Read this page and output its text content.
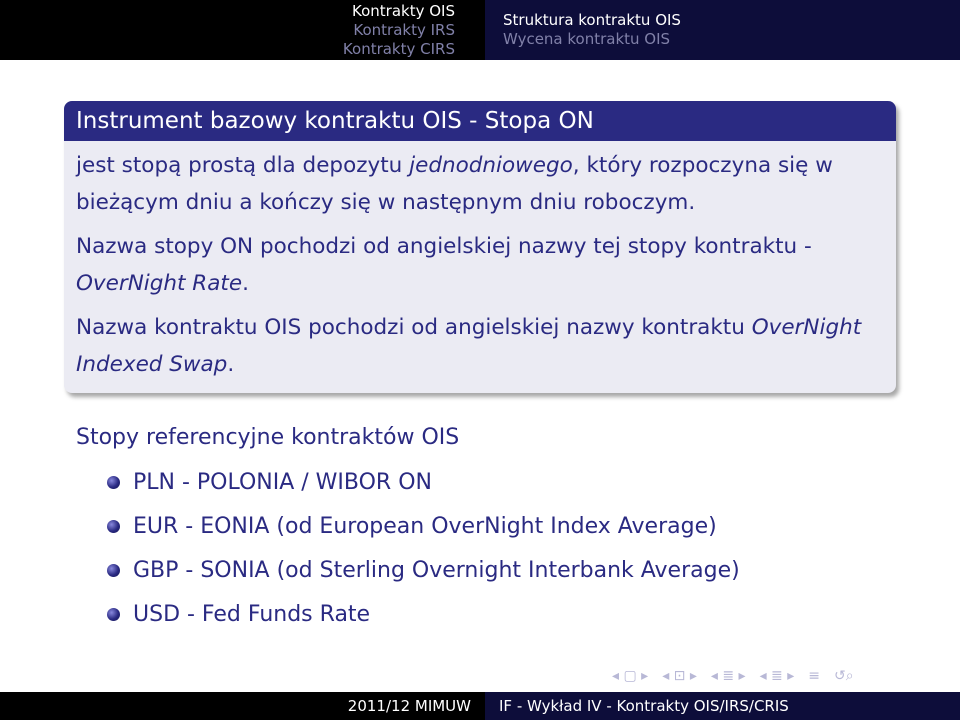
Kontrakty OIS
Kontrakty IRS
Kontrakty CIRS
Struktura kontraktu OIS
Wycena kontraktu OIS
Instrument bazowy kontraktu OIS - Stopa ON

jest stopą prostą dla depozytu jednodniowego, który rozpoczyna się w bieżącym dniu a kończy się w następnym dniu roboczym.

Nazwa stopy ON pochodzi od angielskiej nazwy tej stopy kontraktu - OverNight Rate.

Nazwa kontraktu OIS pochodzi od angielskiej nazwy kontraktu OverNight Indexed Swap.

Stopy referencyjne kontraktów OIS
PLN - POLONIA / WIBOR ON
EUR - EONIA (od European OverNight Index Average)
GBP - SONIA (od Sterling Overnight Interbank Average)
USD - Fed Funds Rate
◂ ▢ ▸ ◂ ⊡ ▸ ◂ ≣ ▸ ◂ ≣ ▸ ≡ ↺⌕
2011/12 MIMUW	IF - Wykład IV - Kontrakty OIS/IRS/CRIS
